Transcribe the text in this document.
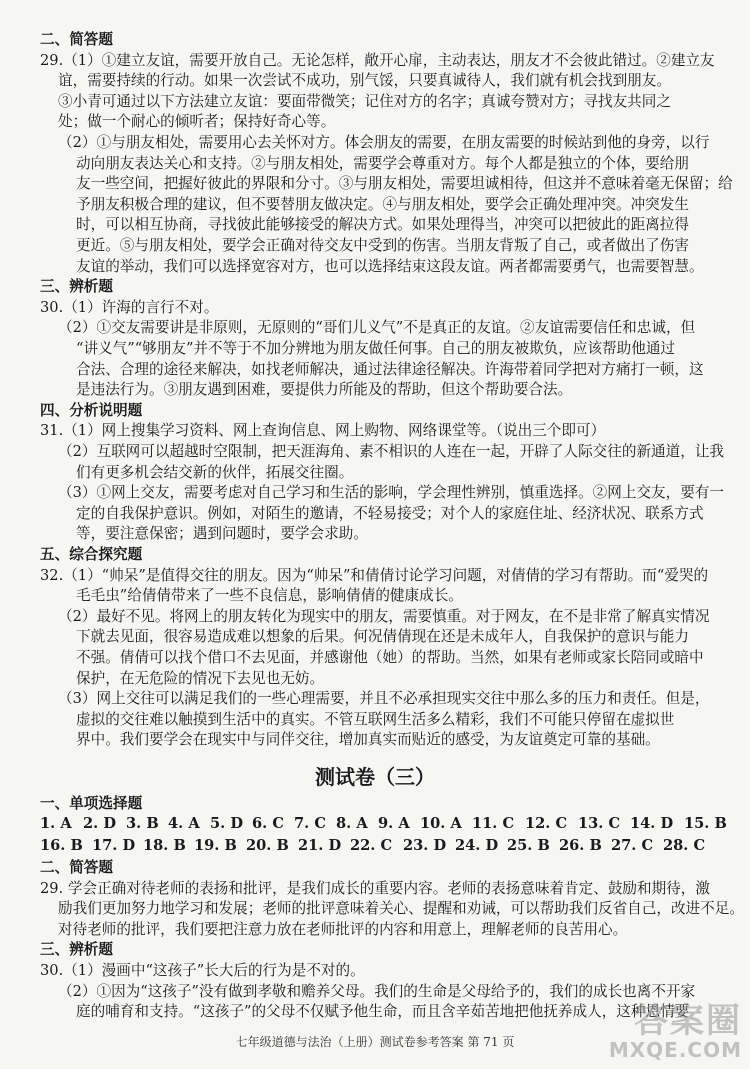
二、简答题
29.（1）①建立友谊，需要开放自己。无论怎样，敞开心扉，主动表达，朋友才不会彼此错过。②建立友
谊，需要持续的行动。如果一次尝试不成功，别气馁，只要真诚待人，我们就有机会找到朋友。
③小青可通过以下方法建立友谊：要面带微笑；记住对方的名字；真诚夸赞对方；寻找友共同之
处；做一个耐心的倾听者；保持好奇心等。
（2）①与朋友相处，需要用心去关怀对方。体会朋友的需要，在朋友需要的时候站到他的身旁，以行
动向朋友表达关心和支持。②与朋友相处，需要学会尊重对方。每个人都是独立的个体，要给朋
友一些空间，把握好彼此的界限和分寸。③与朋友相处，需要坦诚相待，但这并不意味着毫无保留；给
予朋友积极合理的建议，但不要替朋友做决定。④与朋友相处，要学会正确处理冲突。冲突发生
时，可以相互协商，寻找彼此能够接受的解决方式。如果处理得当，冲突可以把彼此的距离拉得
更近。⑤与朋友相处，要学会正确对待交友中受到的伤害。当朋友背叛了自己，或者做出了伤害
友谊的举动，我们可以选择宽容对方，也可以选择结束这段友谊。两者都需要勇气，也需要智慧。
三、辨析题
30.（1）许海的言行不对。
（2）①交友需要讲是非原则，无原则的“哥们儿义气”不是真正的友谊。②友谊需要信任和忠诚，但
“讲义气”“够朋友”并不等于不加分辨地为朋友做任何事。自己的朋友被欺负，应该帮助他通过
合法、合理的途径来解决，如找老师解决，通过法律途径解决。许海带着同学把对方痛打一顿，这
是违法行为。③朋友遇到困难，要提供力所能及的帮助，但这个帮助要合法。
四、分析说明题
31.（1）网上搜集学习资料、网上查询信息、网上购物、网络课堂等。（说出三个即可）
（2）互联网可以超越时空限制，把天涯海角、素不相识的人连在一起，开辟了人际交往的新通道，让我
们有更多机会结交新的伙伴，拓展交往圈。
（3）①网上交友，需要考虑对自己学习和生活的影响，学会理性辨别，慎重选择。②网上交友，要有一
定的自我保护意识。例如，对陌生的邀请，不轻易接受；对个人的家庭住址、经济状况、联系方式
等，要注意保密；遇到问题时，要学会求助。
五、综合探究题
32.（1）“帅呆”是值得交往的朋友。因为“帅呆”和倩倩讨论学习问题，对倩倩的学习有帮助。而“爱哭的
毛毛虫”给倩倩带来了一些不良信息，影响倩倩的健康成长。
（2）最好不见。将网上的朋友转化为现实中的朋友，需要慎重。对于网友，在不是非常了解真实情况
下就去见面，很容易造成难以想象的后果。何况倩倩现在还是未成年人，自我保护的意识与能力
不强。倩倩可以找个借口不去见面，并感谢他（她）的帮助。当然，如果有老师或家长陪同或暗中
保护，在无危险的情况下去见也无妨。
（3）网上交往可以满足我们的一些心理需要，并且不必承担现实交往中那么多的压力和责任。但是，
虚拟的交往难以触摸到生活中的真实。不管互联网生活多么精彩，我们不可能只停留在虚拟世
界中。我们要学会在现实中与同伴交往，增加真实而贴近的感受，为友谊奠定可靠的基础。
测试卷（三）
一、单项选择题
1. A 2. D 3. B 4. A 5. D 6. C 7. C 8. A 9. A 10. A 11. C 12. C 13. C 14. D 15. B
16. B 17. D 18. B 19. B 20. B 21. D 22. C 23. D 24. D 25. B 26. B 27. C 28. C
二、简答题
29. 学会正确对待老师的表扬和批评，是我们成长的重要内容。老师的表扬意味着肯定、鼓励和期待，激
励我们更加努力地学习和发展；老师的批评意味着关心、提醒和劝诫，可以帮助我们反省自己，改进不足。
对待老师的批评，我们要把注意力放在老师批评的内容和用意上，理解老师的良苦用心。
三、辨析题
30.（1）漫画中“这孩子”长大后的行为是不对的。
（2）①因为“这孩子”没有做到孝敬和赡养父母。我们的生命是父母给予的，我们的成长也离不开家
庭的哺育和支持。“这孩子”的父母不仅赋予他生命，而且含辛茹苦地把他抚养成人，这种恩情要
七年级道德与法治（上册）测试卷参考答案 第 71 页
答案圈
MXQE.COM
